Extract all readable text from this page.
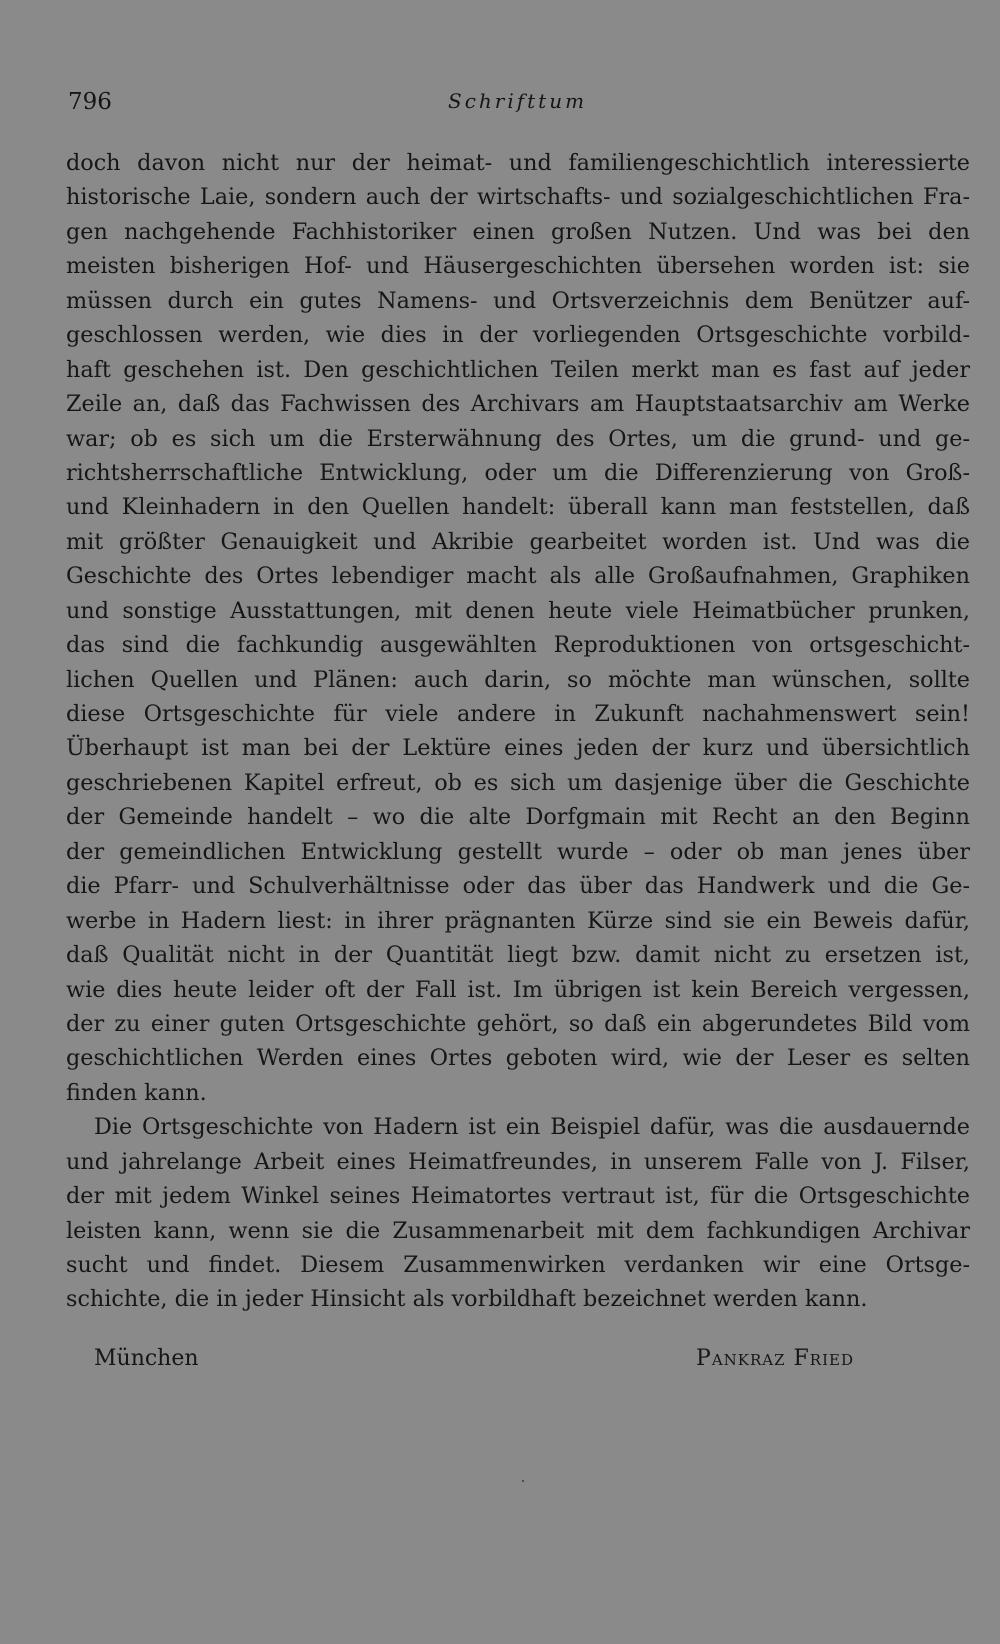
796	Schrifttum
doch davon nicht nur der heimat- und familiengeschichtlich interessierte
historische Laie, sondern auch der wirtschafts- und sozialgeschichtlichen Fra-
gen nachgehende Fachhistoriker einen großen Nutzen. Und was bei den
meisten bisherigen Hof- und Häusergeschichten übersehen worden ist: sie
müssen durch ein gutes Namens- und Ortsverzeichnis dem Benützer auf-
geschlossen werden, wie dies in der vorliegenden Ortsgeschichte vorbild-
haft geschehen ist. Den geschichtlichen Teilen merkt man es fast auf jeder
Zeile an, daß das Fachwissen des Archivars am Hauptstaatsarchiv am Werke
war; ob es sich um die Ersterwähnung des Ortes, um die grund- und ge-
richtsherrschaftliche Entwicklung, oder um die Differenzierung von Groß-
und Kleinhadern in den Quellen handelt: überall kann man feststellen, daß
mit größter Genauigkeit und Akribie gearbeitet worden ist. Und was die
Geschichte des Ortes lebendiger macht als alle Großaufnahmen, Graphiken
und sonstige Ausstattungen, mit denen heute viele Heimatbücher prunken,
das sind die fachkundig ausgewählten Reproduktionen von ortsgeschicht-
lichen Quellen und Plänen: auch darin, so möchte man wünschen, sollte
diese Ortsgeschichte für viele andere in Zukunft nachahmenswert sein!
Überhaupt ist man bei der Lektüre eines jeden der kurz und übersichtlich
geschriebenen Kapitel erfreut, ob es sich um dasjenige über die Geschichte
der Gemeinde handelt – wo die alte Dorfgmain mit Recht an den Beginn
der gemeindlichen Entwicklung gestellt wurde – oder ob man jenes über
die Pfarr- und Schulverhältnisse oder das über das Handwerk und die Ge-
werbe in Hadern liest: in ihrer prägnanten Kürze sind sie ein Beweis dafür,
daß Qualität nicht in der Quantität liegt bzw. damit nicht zu ersetzen ist,
wie dies heute leider oft der Fall ist. Im übrigen ist kein Bereich vergessen,
der zu einer guten Ortsgeschichte gehört, so daß ein abgerundetes Bild vom
geschichtlichen Werden eines Ortes geboten wird, wie der Leser es selten
finden kann.
Die Ortsgeschichte von Hadern ist ein Beispiel dafür, was die ausdauernde
und jahrelange Arbeit eines Heimatfreundes, in unserem Falle von J. Filser,
der mit jedem Winkel seines Heimatortes vertraut ist, für die Ortsgeschichte
leisten kann, wenn sie die Zusammenarbeit mit dem fachkundigen Archivar
sucht und findet. Diesem Zusammenwirken verdanken wir eine Ortsge-
schichte, die in jeder Hinsicht als vorbildhaft bezeichnet werden kann.
München	Pankraz Fried
